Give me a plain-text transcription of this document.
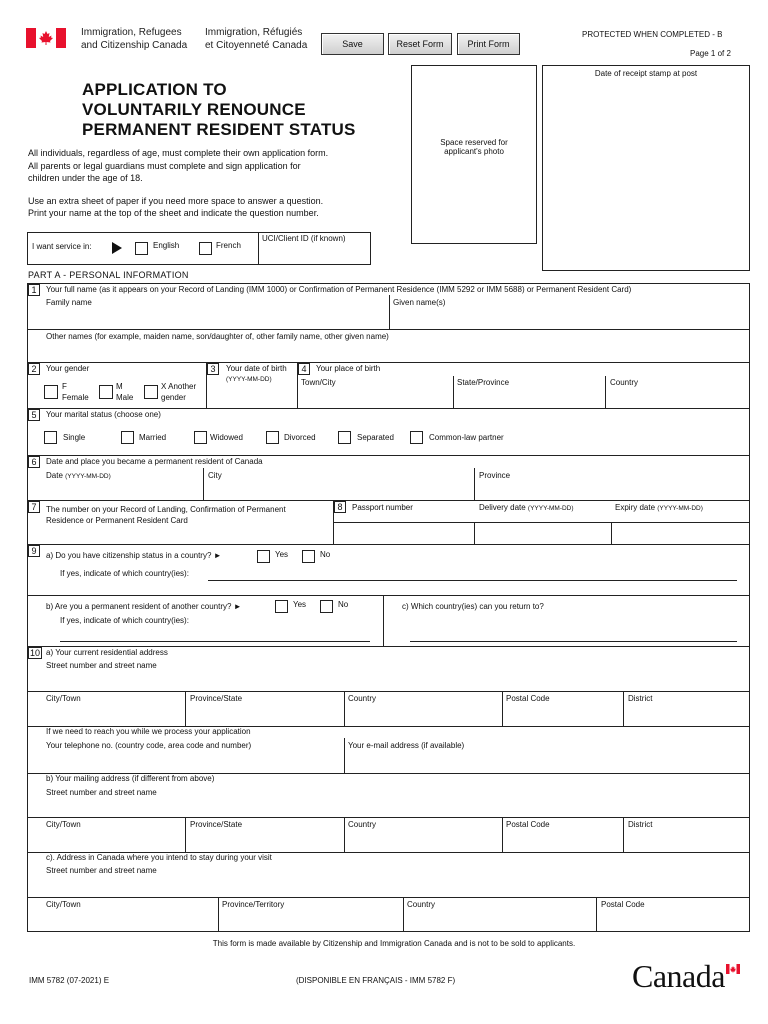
Immigration, Refugees
and Citizenship Canada
Immigration, Réfugiés
et Citoyenneté Canada	Save	Reset Form	Print Form
PROTECTED WHEN COMPLETED - B
Page 1 of 2
APPLICATION TO
VOLUNTARILY RENOUNCE
PERMANENT RESIDENT STATUS
All individuals, regardless of age, must complete their own application form.
All parents or legal guardians must complete and sign application for
children under the age of 18.
Use an extra sheet of paper if you need more space to answer a question.
Print your name at the top of the sheet and indicate the question number.
Space reserved for
applicant's photo
Date of receipt stamp at post
I want service in:	English	French
UCI/Client ID (if known)
PART A - PERSONAL INFORMATION
1	Your full name (as it appears on your Record of Landing (IMM 1000) or Confirmation of Permanent Residence (IMM 5292 or IMM 5688) or Permanent Resident Card)
Family name	Given name(s)
Other names (for example, maiden name, son/daughter of, other family name, other given name)
2	Your gender
F
Female
M
Male
X Another
gender
3	Your date of birth
(YYYY-MM-DD)
4	Your place of birth
Town/City	State/Province	Country
5	Your marital status (choose one)
Single	Married	Widowed	Divorced	Separated	Common-law partner
6	Date and place you became a permanent resident of Canada
Date (YYYY-MM-DD)	City	Province
7	The number on your Record of Landing, Confirmation of Permanent
Residence or Permanent Resident Card
8	Passport number	Delivery date (YYYY-MM-DD)	Expiry date (YYYY-MM-DD)
9	a) Do you have citizenship status in a country? ►	Yes	No
If yes, indicate of which country(ies):
b) Are you a permanent resident of another country? ►	Yes	No
If yes, indicate of which country(ies):
c) Which country(ies) can you return to?
10 a) Your current residential address
Street number and street name
City/Town	Province/State	Country	Postal Code	District
If we need to reach you while we process your application
Your telephone no. (country code, area code and number)	Your e-mail address (if available)
b) Your mailing address (if different from above)
Street number and street name
City/Town	Province/State	Country	Postal Code	District
c). Address in Canada where you intend to stay during your visit
Street number and street name
City/Town	Province/Territory	Country	Postal Code
This form is made available by Citizenship and Immigration Canada and is not to be sold to applicants.
IMM 5782 (07-2021) E	(DISPONIBLE EN FRANÇAIS - IMM 5782 F)	Canada
